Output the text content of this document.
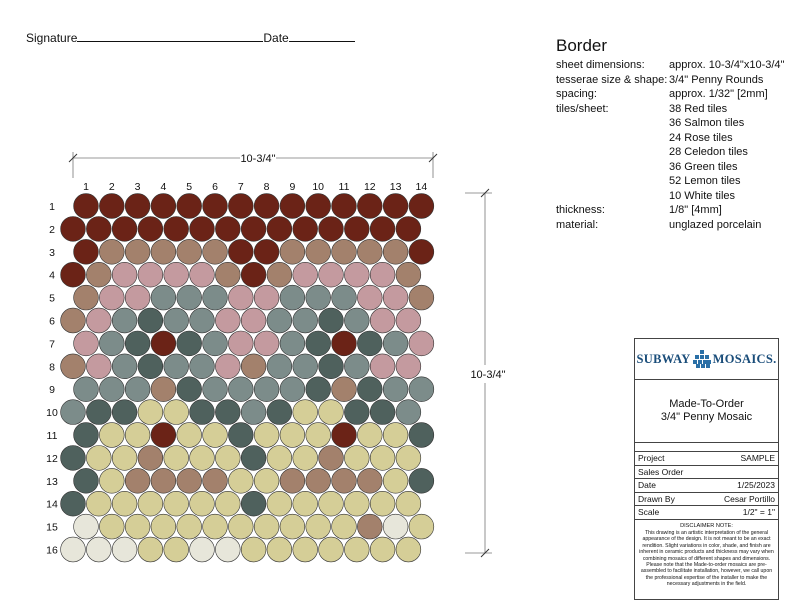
Signature	Date	Border
sheet dimensions:	approx. 10-3/4"x10-3/4"
tesserae size & shape: 3/4" Penny Rounds
spacing:	approx. 1/32" [2mm]
tiles/sheet:	38 Red tiles
36 Salmon tiles
24 Rose tiles
28 Celedon tiles
36 Green tiles
52 Lemon tiles
10 White tiles
thickness:	1/8" [4mm]
material:	unglazed porcelain
10-3/4"
10-3/4"
1 2 3 4 5 6 7 8 9 10 11 12 13 14
1
2
3
4
5
6
7
8
9
10
11
12
13
14
15
16
SUBWAY MOSAICS.
Made-To-Order
3/4" Penny Mosaic
Project	SAMPLE
Sales Order
Date	1/25/2023
Drawn By	Cesar Portillo
Scale	1/2" = 1"
DISCLAIMER NOTE:
This drawing is an artistic interpretation of the general appearance of the design. It is not meant to be an exact rendition. Slight variations in color, shade, and finish are inherent in ceramic products and thickness may vary when combining mosaics of different shapes and dimensions. Please note that the Made-to-order mosaics are pre-assembled to facilitate installation, however, we call upon the professional expertise of the installer to make the necessary adjustments in the field.
